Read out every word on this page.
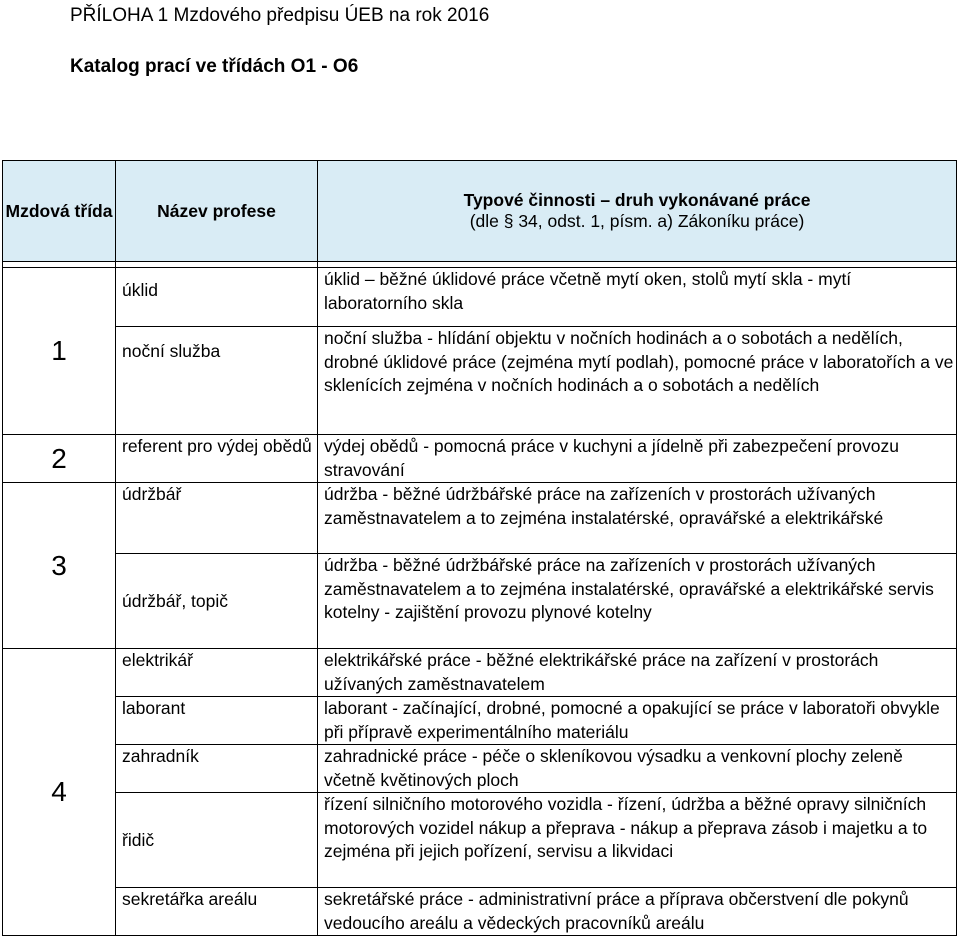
PŘÍLOHA 1 Mzdového předpisu ÚEB na rok 2016
Katalog prací ve třídách O1 - O6
Mzdová třída	Název profese	Typové činnosti – druh vykonávané práce
(dle § 34, odst. 1, písm. a) Zákoníku práce)

1	úklid	úklid – běžné úklidové práce včetně mytí oken, stolů mytí skla - mytí laboratorního skla
	noční služba	noční služba - hlídání objektu v nočních hodinách a o sobotách a nedělích, drobné úklidové práce (zejména mytí podlah), pomocné práce v laboratořích a ve sklenících zejména v nočních hodinách a o sobotách a nedělích
2	referent pro výdej obědů	výdej obědů - pomocná práce v kuchyni a jídelně při zabezpečení provozu stravování
3	údržbář	údržba - běžné údržbářské práce na zařízeních v prostorách užívaných zaměstnavatelem a to zejména instalatérské, opravářské a elektrikářské
	údržbář, topič	údržba - běžné údržbářské práce na zařízeních v prostorách užívaných zaměstnavatelem a to zejména instalatérské, opravářské a elektrikářské servis kotelny - zajištění provozu plynové kotelny
4	elektrikář	elektrikářské práce - běžné elektrikářské práce na zařízení v prostorách užívaných zaměstnavatelem
	laborant	laborant - začínající, drobné, pomocné a opakující se práce v laboratoři obvykle při přípravě experimentálního materiálu
	zahradník	zahradnické práce - péče o skleníkovou výsadku a venkovní plochy zeleně včetně květinových ploch
	řidič	řízení silničního motorového vozidla - řízení, údržba a běžné opravy silničních motorových vozidel nákup a přeprava - nákup a přeprava zásob i majetku a to zejména při jejich pořízení, servisu a likvidaci
	sekretářka areálu	sekretářské práce - administrativní práce a příprava občerstvení dle pokynů vedoucího areálu a vědeckých pracovníků areálu
